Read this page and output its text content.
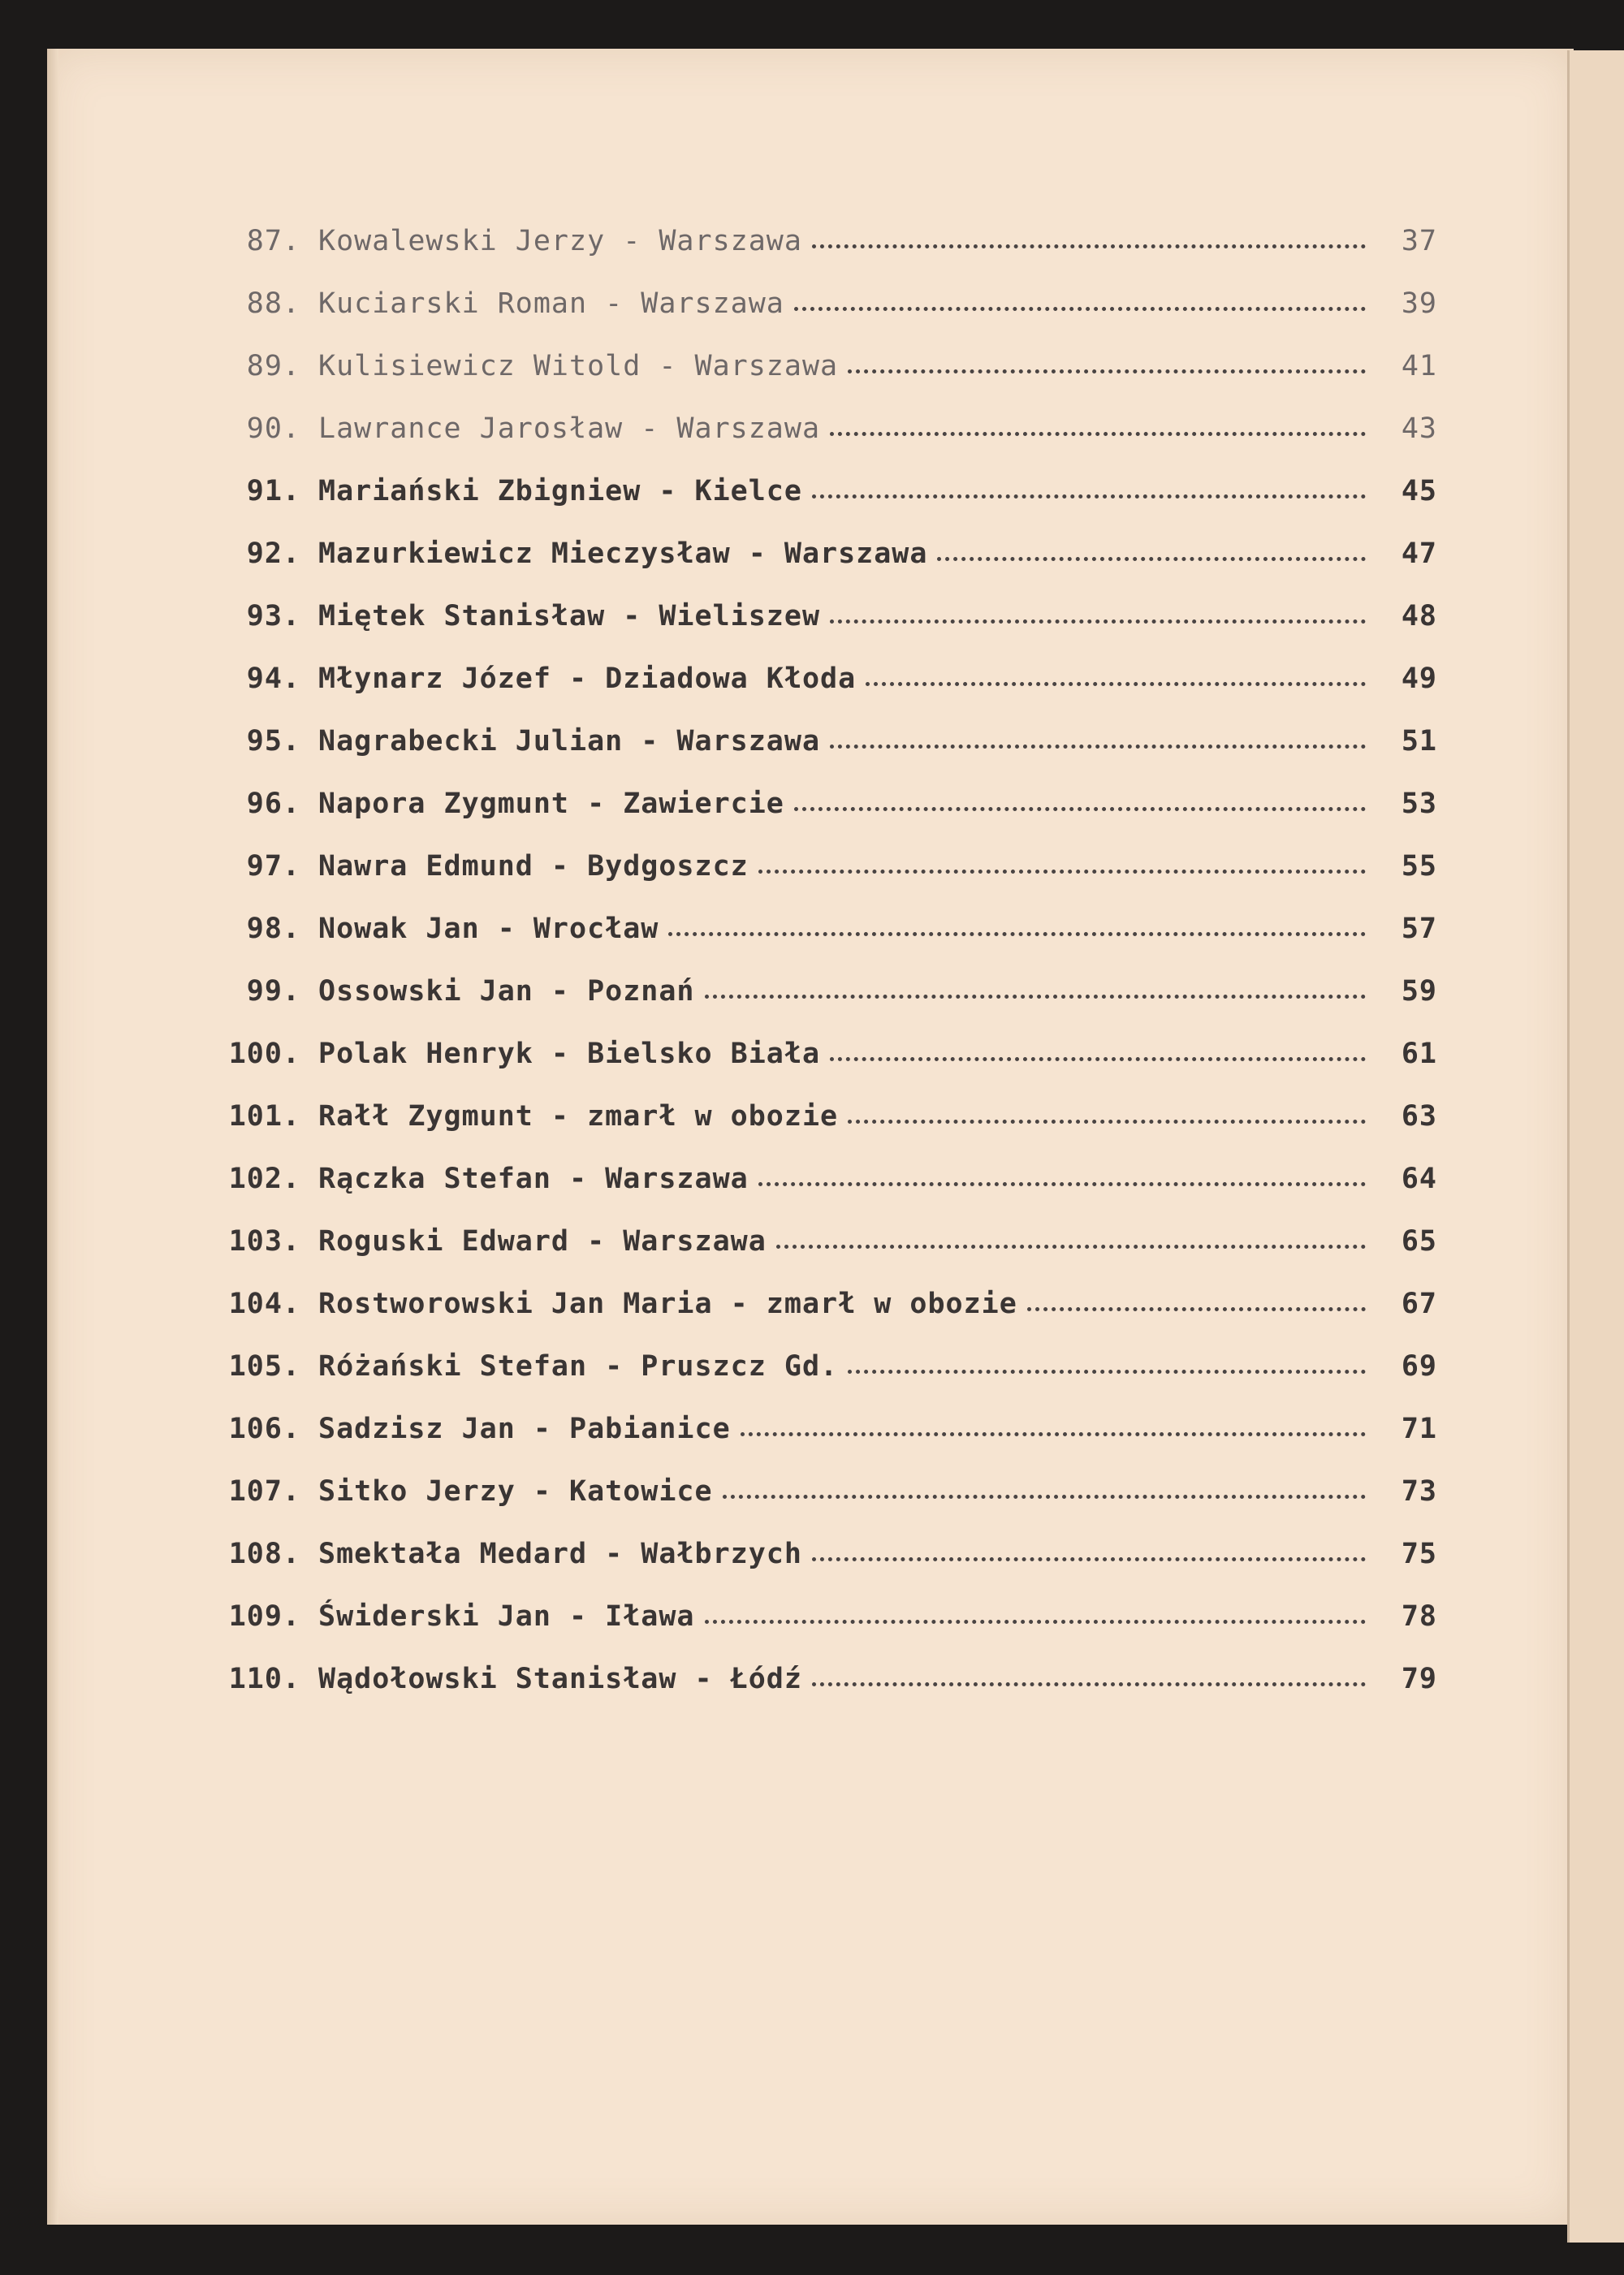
87. Kowalewski Jerzy - Warszawa	37
88. Kuciarski Roman - Warszawa	39
89. Kulisiewicz Witold - Warszawa	41
90. Lawrance Jarosław - Warszawa	43
91. Mariański Zbigniew - Kielce	45
92. Mazurkiewicz Mieczysław - Warszawa	47
93. Miętek Stanisław - Wieliszew	48
94. Młynarz Józef - Dziadowa Kłoda	49
95. Nagrabecki Julian - Warszawa	51
96. Napora Zygmunt - Zawiercie	53
97. Nawra Edmund - Bydgoszcz	55
98. Nowak Jan - Wrocław	57
99. Ossowski Jan - Poznań	59
100. Polak Henryk - Bielsko Biała	61
101. Rałł Zygmunt - zmarł w obozie	63
102. Rączka Stefan - Warszawa	64
103. Roguski Edward - Warszawa	65
104. Rostworowski Jan Maria - zmarł w obozie	67
105. Różański Stefan - Pruszcz Gd.	69
106. Sadzisz Jan - Pabianice	71
107. Sitko Jerzy - Katowice	73
108. Smektała Medard - Wałbrzych	75
109. Świderski Jan - Iława	78
110. Wądołowski Stanisław - Łódź	79
